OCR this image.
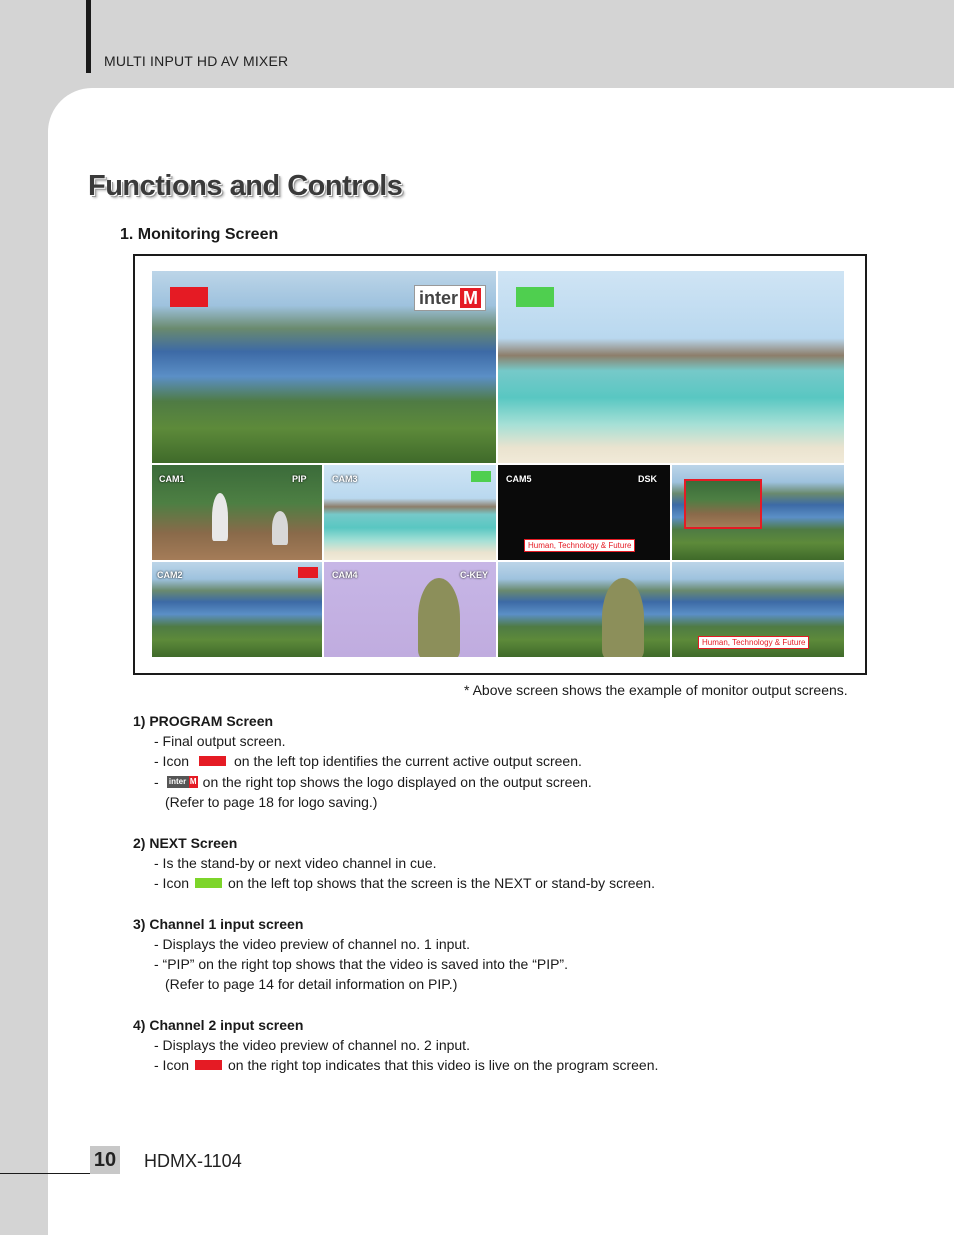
MULTI INPUT HD AV MIXER
Functions and Controls
1. Monitoring Screen
inter M
CAM1	PIP	CAM3	CAM5	DSK
Human, Technology & Future
CAM2	CAM4	C-KEY
Human, Technology & Future
* Above screen shows the example of monitor output screens.
1) PROGRAM Screen
- Final output screen.
- Icon	on the left top identifies the current active output screen.
- inter M on the right top shows the logo displayed on the output screen.
(Refer to page 18 for logo saving.)
2) NEXT Screen
- Is the stand-by or next video channel in cue.
- Icon	on the left top shows that the screen is the NEXT or stand-by screen.
3) Channel 1 input screen
- Displays the video preview of channel no. 1 input.
- “PIP” on the right top shows that the video is saved into the “PIP”.
(Refer to page 14 for detail information on PIP.)
4) Channel 2 input screen
- Displays the video preview of channel no. 2 input.
- Icon	on the right top indicates that this video is live on the program screen.
10 HDMX-1104
